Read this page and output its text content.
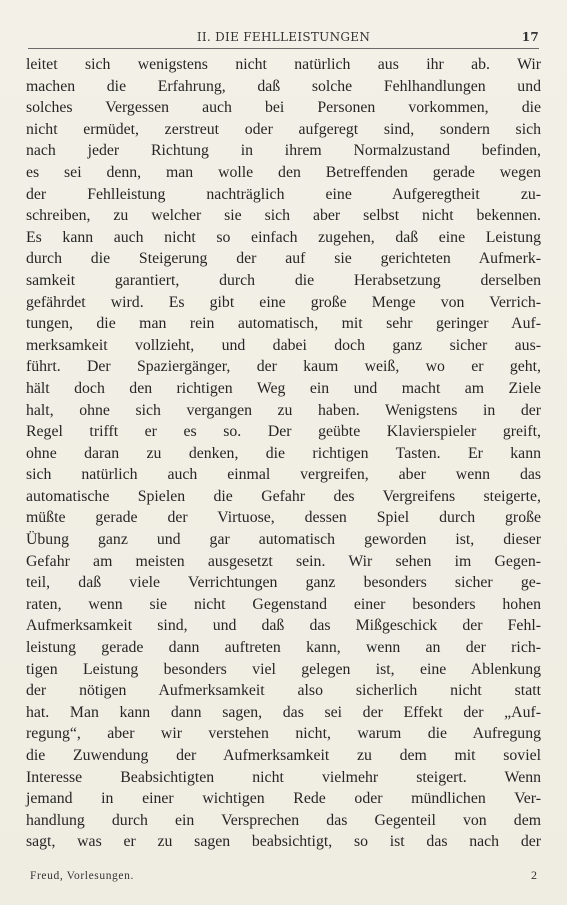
II. DIE FEHLLEISTUNGEN	17
leitet sich wenigstens nicht natürlich aus ihr ab. Wir
machen die Erfahrung, daß solche Fehlhandlungen und
solches Vergessen auch bei Personen vorkommen, die
nicht ermüdet, zerstreut oder aufgeregt sind, sondern sich
nach jeder Richtung in ihrem Normalzustand befinden,
es sei denn, man wolle den Betreffenden gerade wegen
der Fehlleistung nachträglich eine Aufgeregtheit zu-
schreiben, zu welcher sie sich aber selbst nicht bekennen.
Es kann auch nicht so einfach zugehen, daß eine Leistung
durch die Steigerung der auf sie gerichteten Aufmerk-
samkeit garantiert, durch die Herabsetzung derselben
gefährdet wird. Es gibt eine große Menge von Verrich-
tungen, die man rein automatisch, mit sehr geringer Auf-
merksamkeit vollzieht, und dabei doch ganz sicher aus-
führt. Der Spaziergänger, der kaum weiß, wo er geht,
hält doch den richtigen Weg ein und macht am Ziele
halt, ohne sich vergangen zu haben. Wenigstens in der
Regel trifft er es so. Der geübte Klavierspieler greift,
ohne daran zu denken, die richtigen Tasten. Er kann
sich natürlich auch einmal vergreifen, aber wenn das
automatische Spielen die Gefahr des Vergreifens steigerte,
müßte gerade der Virtuose, dessen Spiel durch große
Übung ganz und gar automatisch geworden ist, dieser
Gefahr am meisten ausgesetzt sein. Wir sehen im Gegen-
teil, daß viele Verrichtungen ganz besonders sicher ge-
raten, wenn sie nicht Gegenstand einer besonders hohen
Aufmerksamkeit sind, und daß das Mißgeschick der Fehl-
leistung gerade dann auftreten kann, wenn an der rich-
tigen Leistung besonders viel gelegen ist, eine Ablenkung
der nötigen Aufmerksamkeit also sicherlich nicht statt
hat. Man kann dann sagen, das sei der Effekt der „Auf-
regung“, aber wir verstehen nicht, warum die Aufregung
die Zuwendung der Aufmerksamkeit zu dem mit soviel
Interesse Beabsichtigten nicht vielmehr steigert. Wenn
jemand in einer wichtigen Rede oder mündlichen Ver-
handlung durch ein Versprechen das Gegenteil von dem
sagt, was er zu sagen beabsichtigt, so ist das nach der
Freud, Vorlesungen.	2
